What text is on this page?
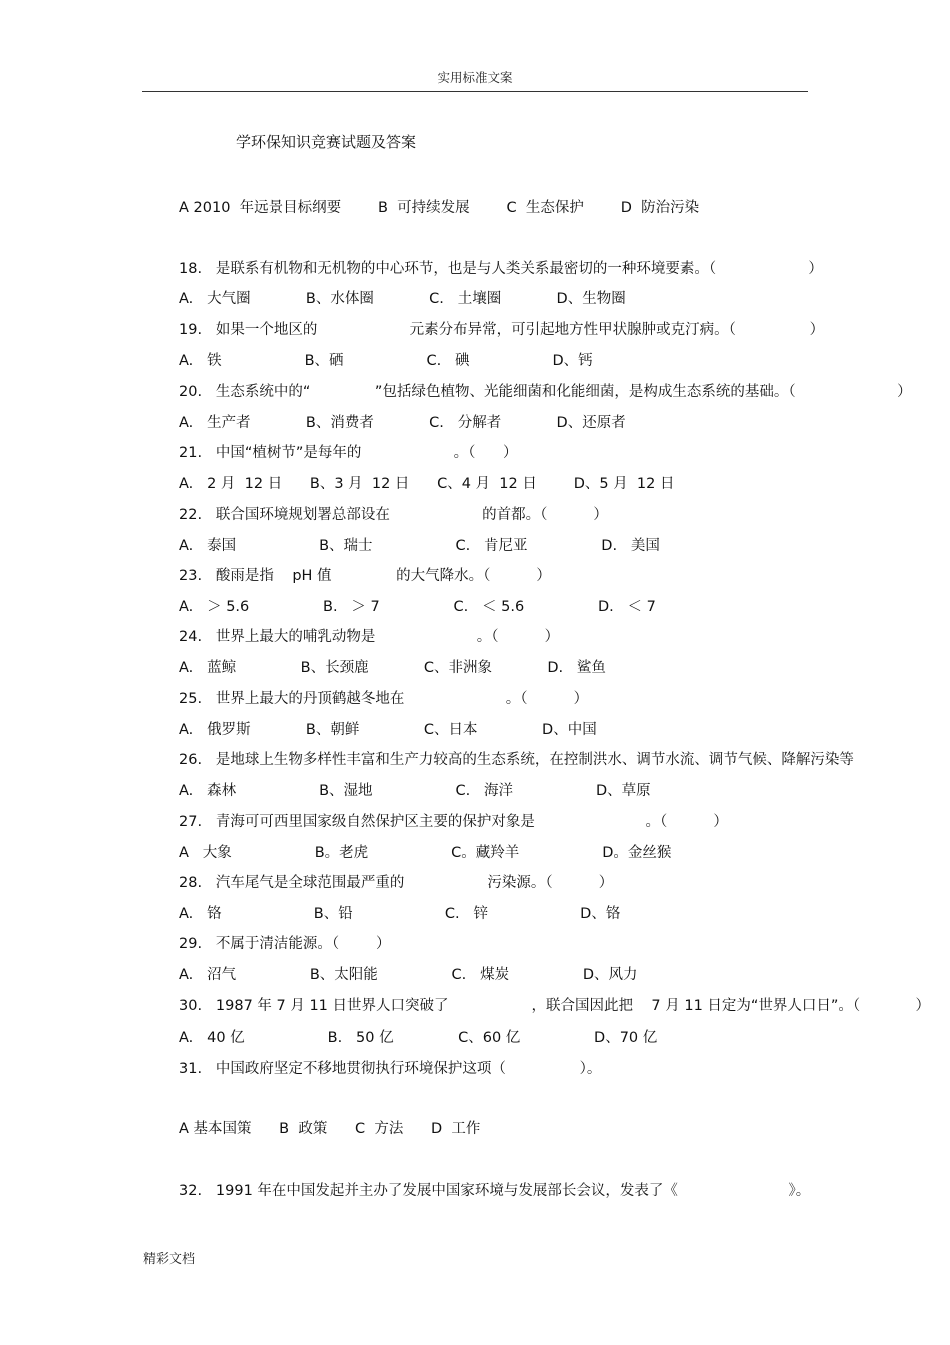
实用标准文案
学环保知识竞赛试题及答案
A 2010  年远景目标纲要        B  可持续发展        C  生态保护        D  防治污染
18.   是联系有机物和无机物的中心环节，也是与人类关系最密切的一种环境要素。（                    ）
A.   大气圈            B、水体圈            C.   土壤圈            D、生物圈
19.   如果一个地区的                    元素分布异常，可引起地方性甲状腺肿或克汀病。（                ）
A.   铁                  B、硒                  C.   碘                  D、钙
20.   生态系统中的“              ”包括绿色植物、光能细菌和化能细菌，是构成生态系统的基础。（                      ）
A.   生产者            B、消费者            C.   分解者            D、还原者
21.   中国“植树节”是每年的                    。（      ）
A.   2 月  12 日      B、3 月  12 日      C、4 月  12 日        D、5 月  12 日
22.   联合国环境规划署总部设在                    的首都。（          ）
A.   泰国                  B、瑞士                  C.   肯尼亚                D.   美国
23.   酸雨是指    pH 值              的大气降水。（          ）
A.   ＞ 5.6                B.   ＞ 7                C.   ＜ 5.6                D.   ＜ 7
24.   世界上最大的哺乳动物是                      。（          ）
A.   蓝鲸              B、长颈鹿            C、非洲象            D.   鲨鱼
25.   世界上最大的丹顶鹤越冬地在                      。（          ）
A.   俄罗斯            B、朝鲜              C、日本              D、中国
26.   是地球上生物多样性丰富和生产力较高的生态系统，在控制洪水、调节水流、调节气候、降解污染等
A.   森林                  B、湿地                  C.   海洋                  D、草原
27.   青海可可西里国家级自然保护区主要的保护对象是                        。（          ）
A   大象                  B。老虎                  C。藏羚羊                  D。金丝猴
28.   汽车尾气是全球范围最严重的                  污染源。（          ）
A.   铬                    B、铅                    C.   锌                    D、铬
29.   不属于清洁能源。（        ）
A.   沼气                B、太阳能                C.   煤炭                D、风力
30.   1987 年 7 月 11 日世界人口突破了                  ，联合国因此把    7 月 11 日定为“世界人口日”。（            ）
A.   40 亿                  B.   50 亿              C、60 亿                D、70 亿
31.   中国政府坚定不移地贯彻执行环境保护这项（                ）。
A 基本国策      B  政策      C  方法      D  工作
32.   1991 年在中国发起并主办了发展中国家环境与发展部长会议，发表了《                        》。
精彩文档
